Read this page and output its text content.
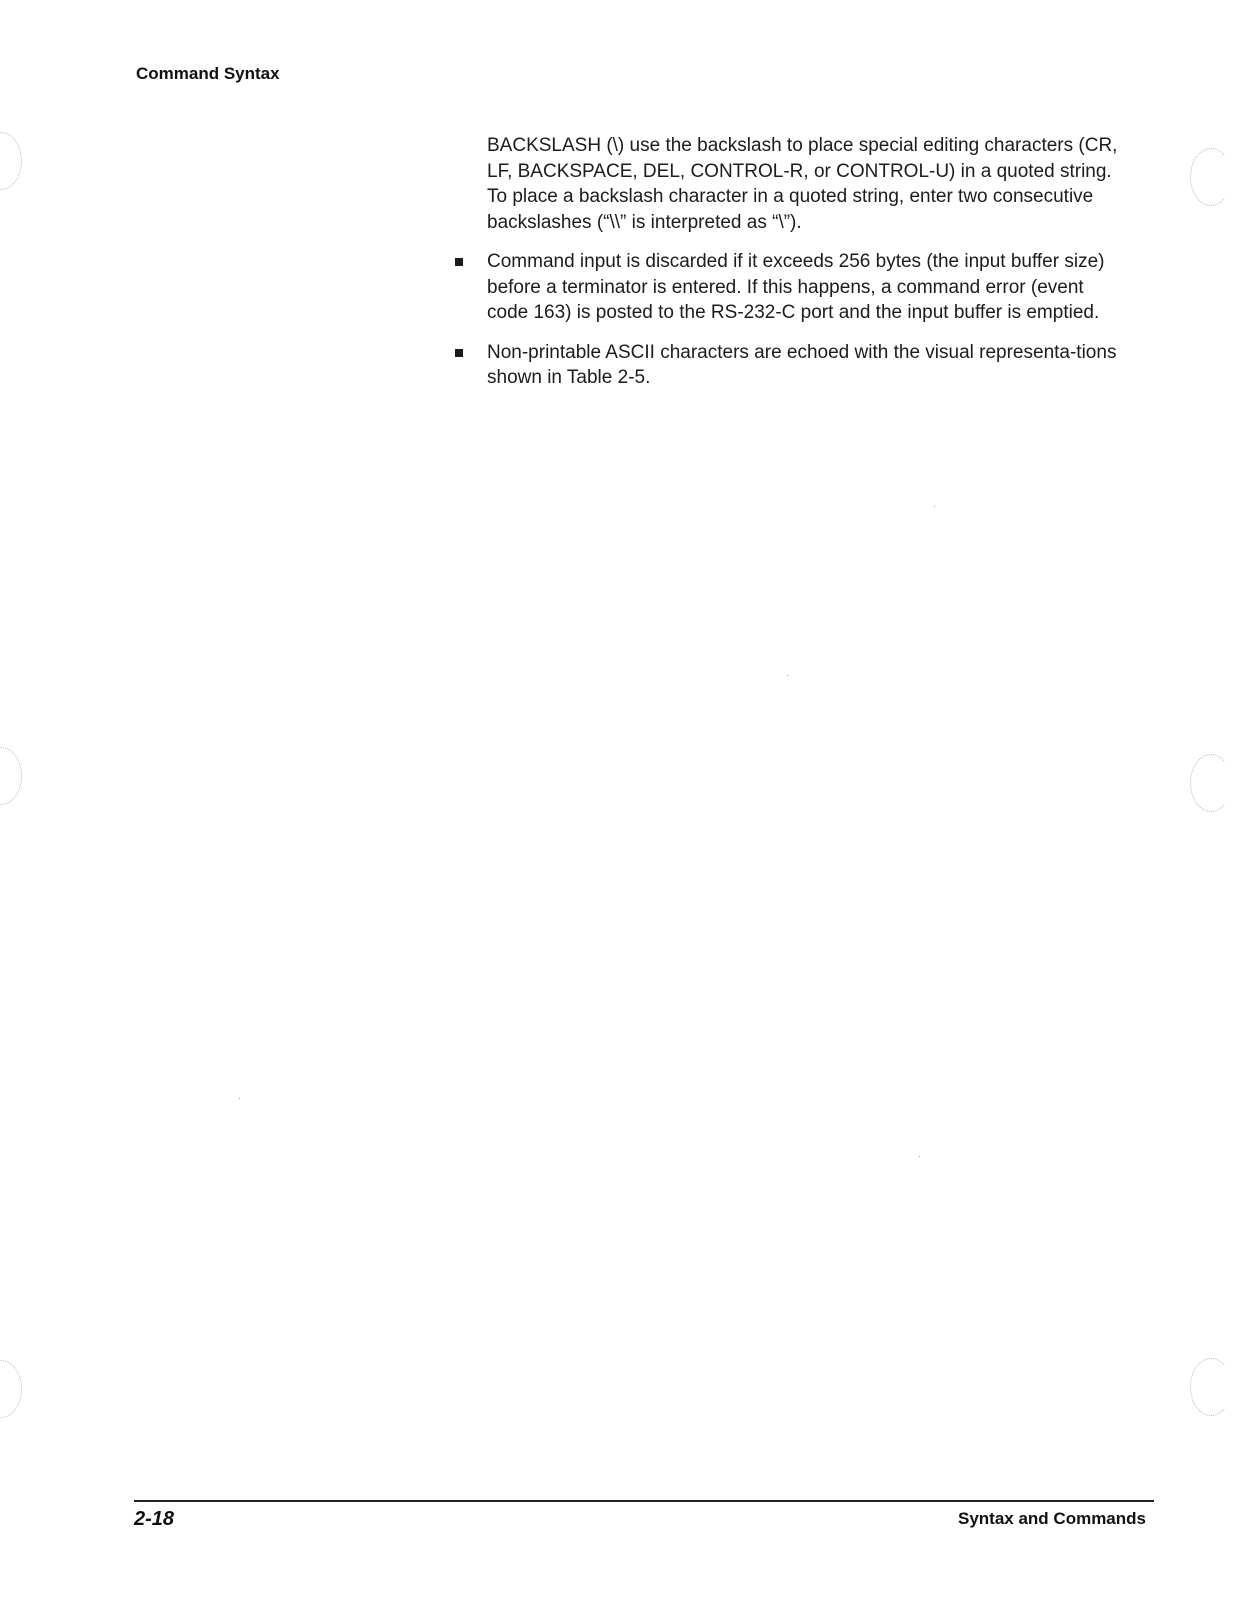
Command Syntax

BACKSLASH (\) use the backslash to place special editing characters (CR, LF, BACKSPACE, DEL, CONTROL-R, or CONTROL-U) in a quoted string. To place a backslash character in a quoted string, enter two consecutive backslashes (“\\” is interpreted as “\”).

Command input is discarded if it exceeds 256 bytes (the input buffer size) before a terminator is entered. If this happens, a command error (event code 163) is posted to the RS-232-C port and the input buffer is emptied.
Non-printable ASCII characters are echoed with the visual representa-tions shown in Table 2-5.
2-18	Syntax and Commands
